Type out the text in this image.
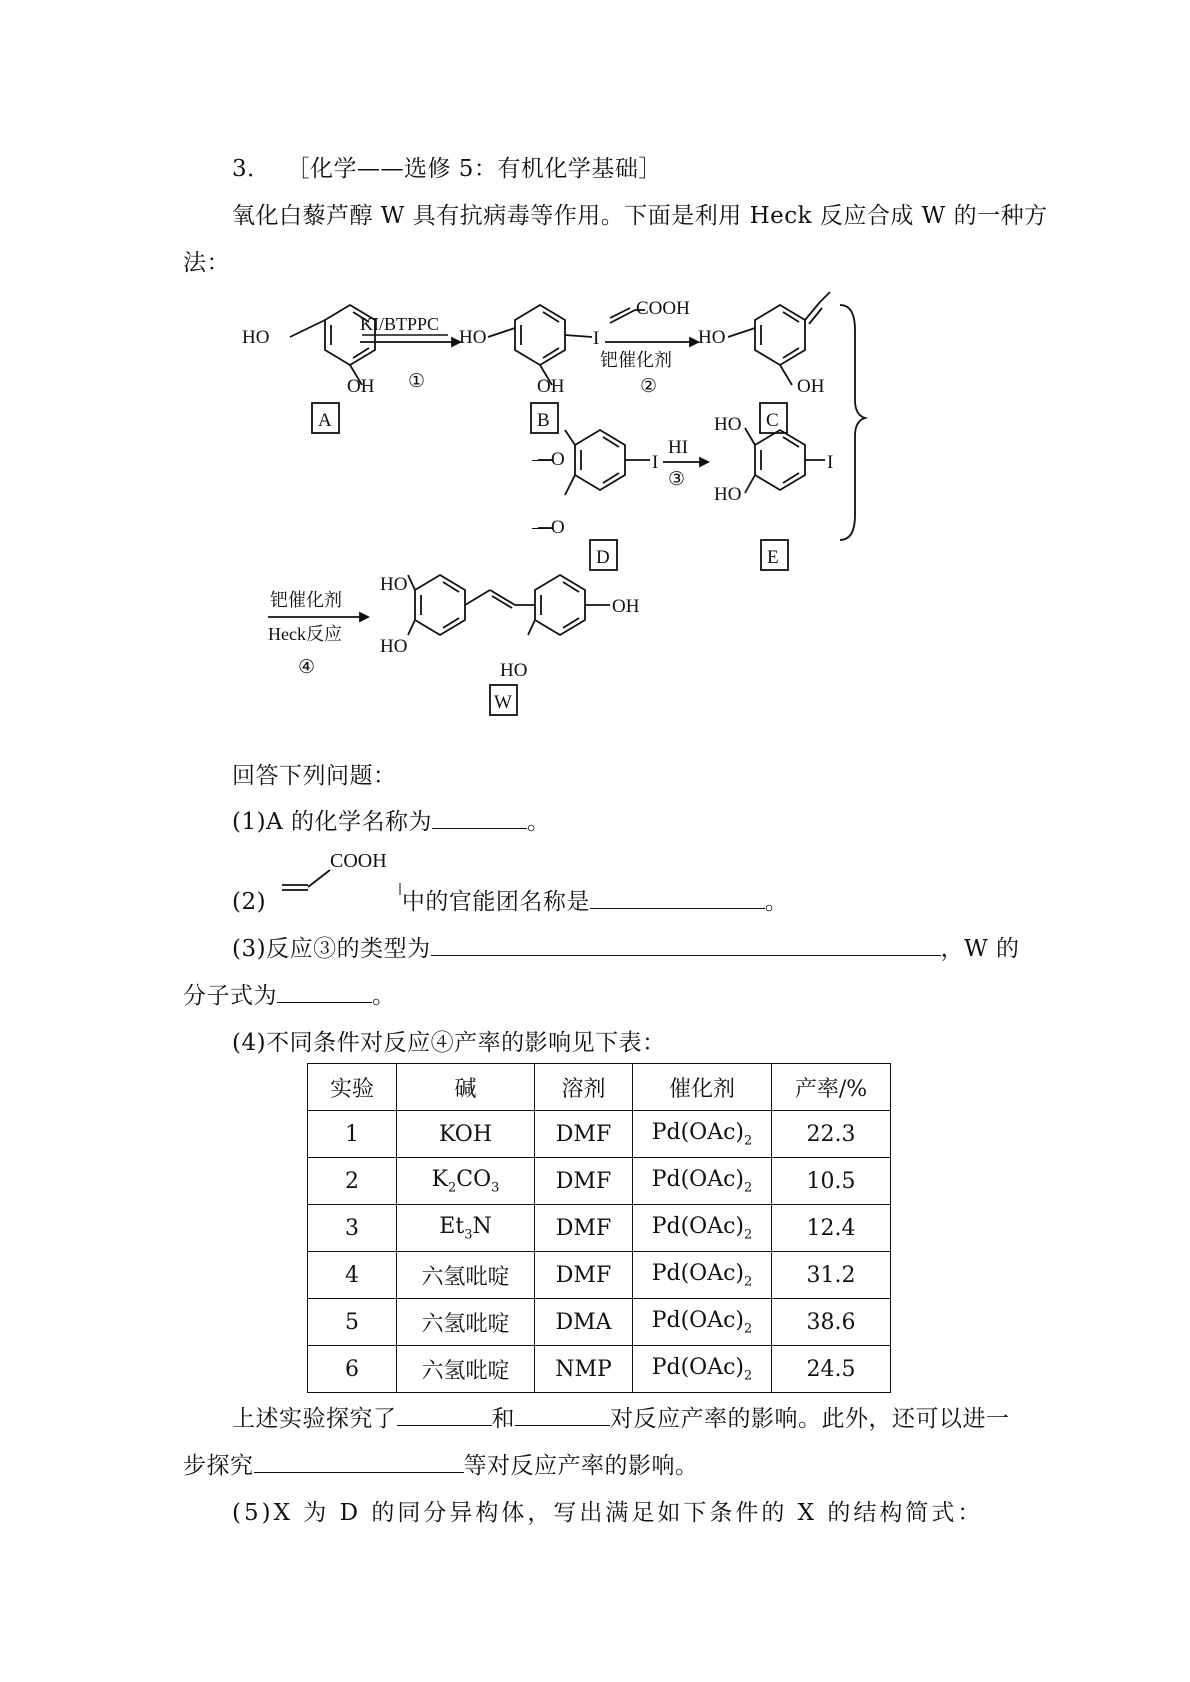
3． ［化学——选修 5：有机化学基础］
氧化白藜芦醇 W 具有抗病毒等作用。下面是利用 Heck 反应合成 W 的一种方
法：
HO
OH
A
KI/BTPPC
①
HO	I
OH
B
COOH
钯催化剂
②
HO
OH
C
I
D
HI
③
HO
HO
I
E
钯催化剂
Heck反应
④
HO
HO
OH
HO
W
—O
—O
回答下列问题：
(1)A 的化学名称为	。
COOH
(2)	中的官能团名称是	。
(3)反应③的类型为	，W 的
分子式为	。
(4)不同条件对反应④产率的影响见下表：
实验	碱	溶剂	催化剂	产率/%
1	KOH	DMF	$Pd(OAc)_2$	22.3
2	$K_2CO_3$	DMF	$Pd(OAc)_2$	10.5
3	$Et_3N$	DMF	$Pd(OAc)_2$	12.4
4	六氢吡啶	DMF	$Pd(OAc)_2$	31.2
5	六氢吡啶	DMA	$Pd(OAc)_2$	38.6
6	六氢吡啶	NMP	$Pd(OAc)_2$	24.5
上述实验探究了	和	对反应产率的影响。此外，还可以进一
步探究	等对反应产率的影响。
(5)X 为 D 的同分异构体，写出满足如下条件的 X 的结构简式：
